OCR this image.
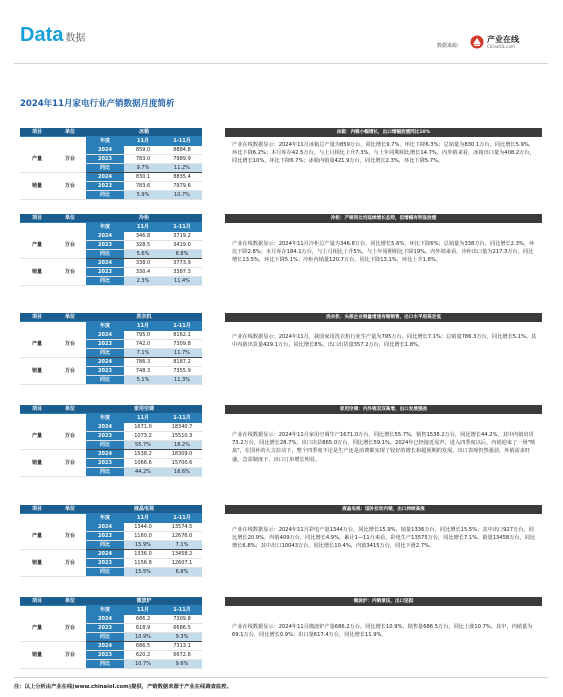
Data 数据
数据来源：
产业在线
ChinaIOL.com
2024年11月家电行业产销数据月度简析
项目	单位	冰箱		
		年度	11月	1-11月
产量	万台	2024	859.0	8884.8
		2023	783.0	7989.9
		同比	9.7%	11.2%
销量	万台	2024	830.1	8835.4
		2023	783.6	7979.6
		同比	5.9%	10.7%
冰箱：内销小幅增长，出口增幅放缓同比10%
产业在线数据显示：2024年11月冰箱总产量为859万台，同比增长9.7%，环比下降6.3%；总销量为830.1万台，同比增长5.9%，环比下降6.2%；本月库存42.5万台，与上月相比上升7.3%，与上年同期相比增长14.7%。内外销来看，冰箱出口量为408.2万台，同比增长10%，环比下降6.7%；冰箱内销量421.9万台，同比增长2.3%，环比下降5.7%。
项目	单位	冷柜		
		年度	11月	1-11月
产量	万台	2024	346.8	3719.2
		2023	328.5	3419.0
		同比	5.6%	8.8%
销量	万台	2024	338.0	3773.9
		2023	330.4	3387.3
		同比	2.3%	11.4%
冷柜：产销同比均延续增长态势，但增幅有明显放缓
产业在线数据显示：2024年11月冷柜总产量为346.8万台，同比增长5.6%，环比下降6%；总销量为338万台，同比增长2.3%，环比下降2.8%；本月库存184.1万台，与上月相比上升5%，与上年同期相比下降19%。内外销来看，冷柜出口量为217.3万台，同比增长13.5%，环比下降5.1%；冷柜内销量120.7万台，同比下降13.1%，环比上升1.6%。
项目	单位	洗衣机		
		年度	11月	1-11月
产量	万台	2024	795.0	8162.1
		2023	742.0	7309.8
		同比	7.1%	11.7%
销量	万台	2024	786.3	8187.2
		2023	748.3	7355.9
		同比	5.1%	11.3%
洗衣机：头部企业销量增速有缩销售，出口水平居高走低
产业在线数据显示：2024年11月，我国家用洗衣机行业生产量为795万台，同比增长7.1%；总销量786.3万台，同比增长5.1%。其中内销出货量429.1万台，同比增长8%，出口出货量357.2万台，同比增长1.8%。
项目	单位	家用空调		
		年度	11月	1-11月
产量	万台	2024	1671.0	18340.7
		2023	1073.2	15510.3
		同比	55.7%	18.2%
销量	万台	2024	1538.2	18309.0
		2023	1066.6	15700.6
		同比	44.2%	16.6%
家用空调：内外销双双高增，出口发展强劲
产业在线数据显示：2024年11月家用空调生产1671.0万台，同比增长55.7%，销售1538.2万台，同比增长44.2%，其中内销出货73.2万台，同比增长28.7%，出口出货865.0万台，同比增长59.1%。2024年已经接近尾声，进入四季度以后，内销迎来了一场"喷泉"，在国补的大力拉动下，整个四季度不论是生产还是消费都实现了较好的增长和超预期的发展，出口表现仍然强劲，外销需求旺盛，急需制度下，出口订单增长明显。
项目	单位	液晶电视		
		年度	11月	1-11月
产量	万台	2024	1344.0	13574.5
		2023	1160.0	12676.0
		同比	15.9%	7.1%
销量	万台	2024	1336.0	13458.2
		2023	1156.8	12607.1
		同比	15.5%	6.8%
液晶电视：国补拉动内销，出口持续高涨
产业在线数据显示：2024年11月彩电产量1344万台，同比增长15.9%，销量1336万台，同比增长15.5%；其中出口927万台，同比增长20.9%，内销409万台，同比增长4.9%。累计1—11月来看，彩电生产13575万台，同比增长7.1%，销量13458万台，同比增长6.8%；其中出口10043万台，同比增长10.4%，内销3415万台，同比下滑2.7%。
项目	单位	微波炉		
		年度	11月	1-11月
产量	万台	2024	686.2	7309.8
		2023	618.9	6686.5
		同比	10.9%	9.3%
销量	万台	2024	686.5	7313.1
		2023	620.2	6672.6
		同比	10.7%	9.6%
微波炉：内销承压，出口坚挺
产业在线数据显示：2024年11月微波炉产量686.2万台，同比增长10.9%，销售量686.5万台，同比上涨10.7%。其中，内销量为69.1万台，同比增长0.9%；出口量617.4万台，同比增长11.9%。
注：以上分析由产业在线(www.chinaiol.com)提供，产销数据来源于产业在线调查监控。
